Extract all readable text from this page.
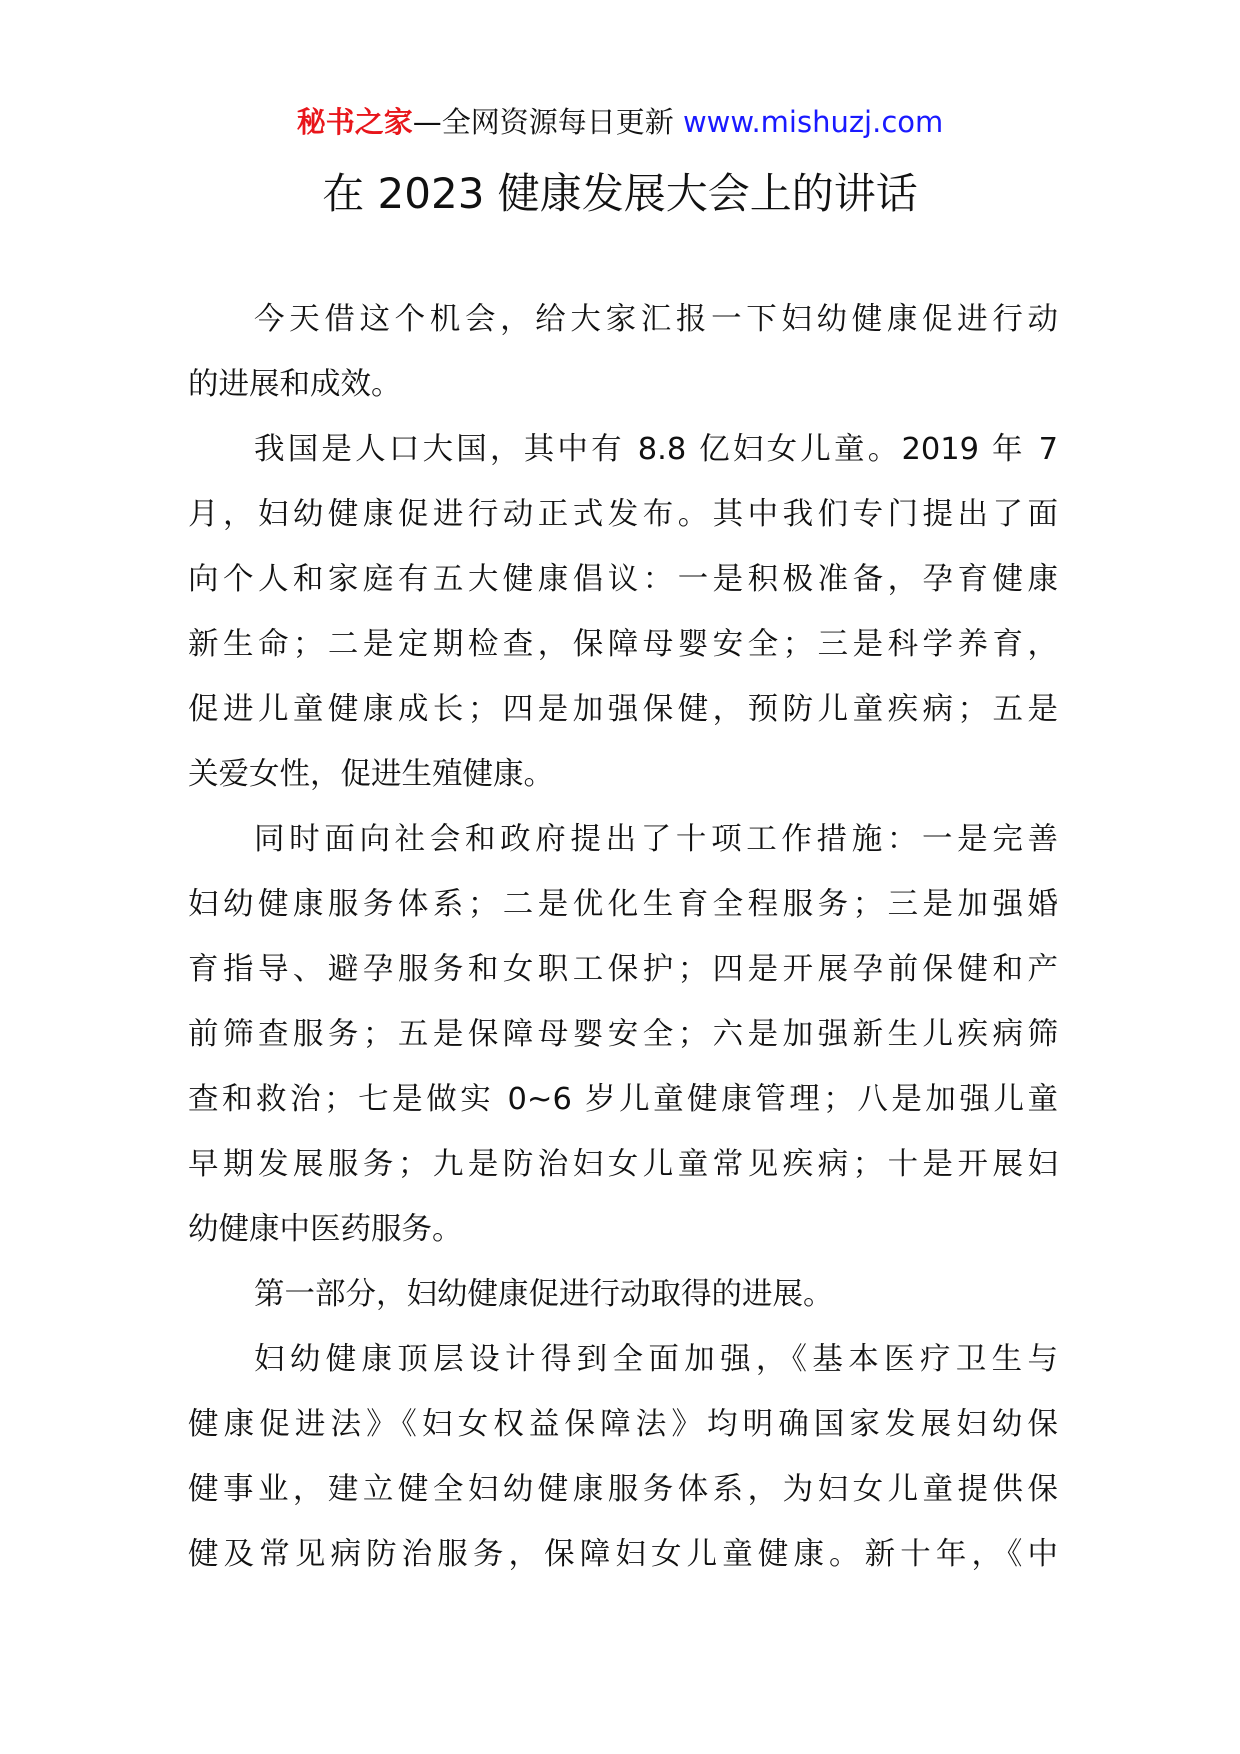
秘书之家—全网资源每日更新 www.mishuzj.com
在 2023 健康发展大会上的讲话
今天借这个机会，给大家汇报一下妇幼健康促进行动
的进展和成效。
我国是人口大国，其中有 8.8 亿妇女儿童。2019 年 7
月，妇幼健康促进行动正式发布。其中我们专门提出了面
向个人和家庭有五大健康倡议：一是积极准备，孕育健康
新生命；二是定期检查，保障母婴安全；三是科学养育，
促进儿童健康成长；四是加强保健，预防儿童疾病；五是
关爱女性，促进生殖健康。
同时面向社会和政府提出了十项工作措施：一是完善
妇幼健康服务体系；二是优化生育全程服务；三是加强婚
育指导、避孕服务和女职工保护；四是开展孕前保健和产
前筛查服务；五是保障母婴安全；六是加强新生儿疾病筛
查和救治；七是做实 0~6 岁儿童健康管理；八是加强儿童
早期发展服务；九是防治妇女儿童常见疾病；十是开展妇
幼健康中医药服务。
第一部分，妇幼健康促进行动取得的进展。
妇幼健康顶层设计得到全面加强，《基本医疗卫生与
健康促进法》《妇女权益保障法》均明确国家发展妇幼保
健事业，建立健全妇幼健康服务体系，为妇女儿童提供保
健及常见病防治服务，保障妇女儿童健康。新十年，《中
